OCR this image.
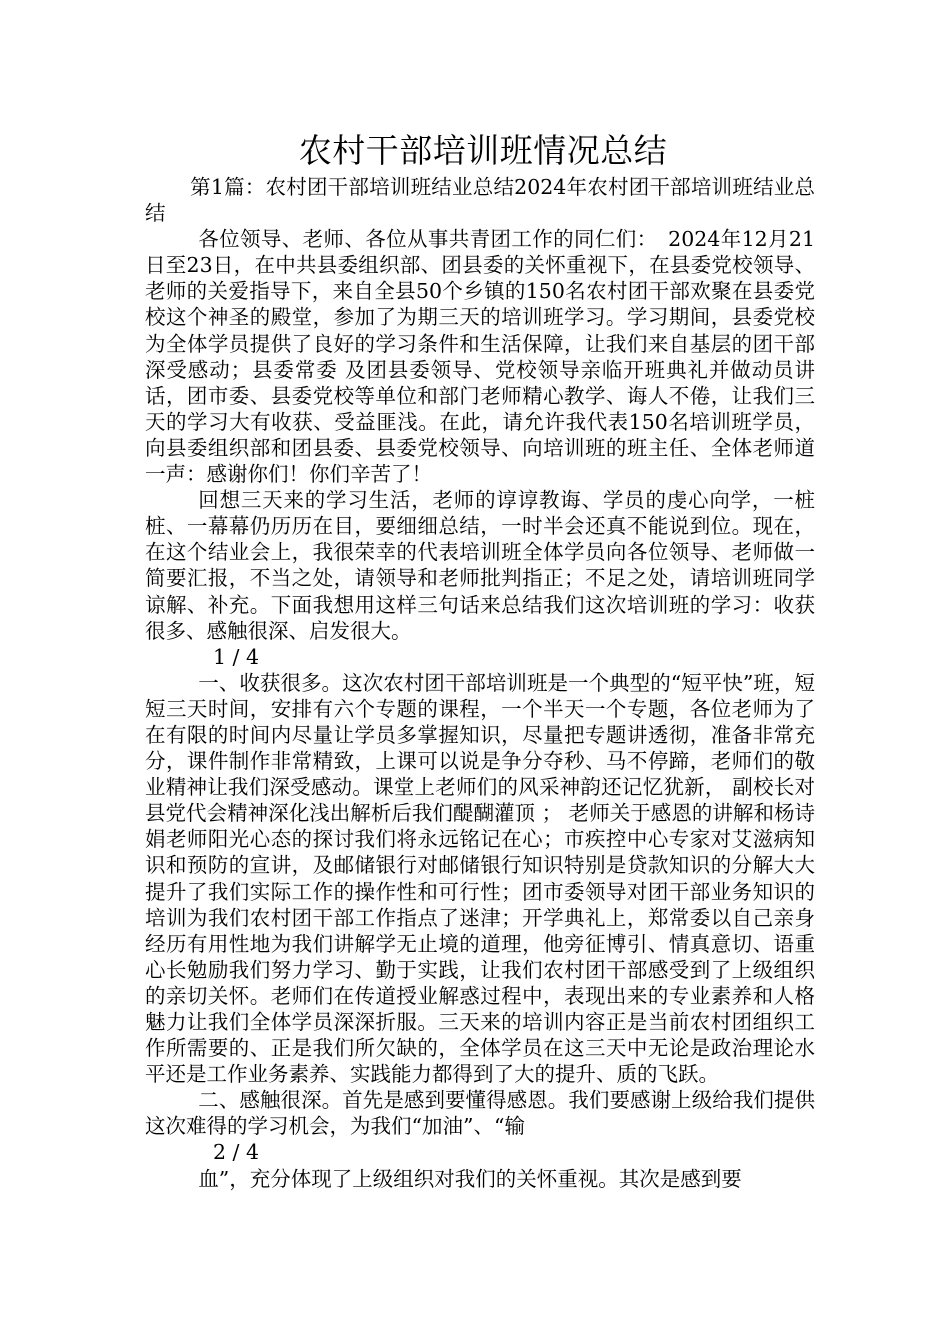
农村干部培训班情况总结

第1篇：农村团干部培训班结业总结2024年农村团干部培训班结业总结

各位领导、老师、各位从事共青团工作的同仁们：　2024年12月21日至23日，在中共县委组织部、团县委的关怀重视下，在县委党校领导、老师的关爱指导下，来自全县50个乡镇的150名农村团干部欢聚在县委党校这个神圣的殿堂，参加了为期三天的培训班学习。学习期间，县委党校为全体学员提供了良好的学习条件和生活保障，让我们来自基层的团干部深受感动；县委常委 及团县委领导、党校领导亲临开班典礼并做动员讲话，团市委、县委党校等单位和部门老师精心教学、诲人不倦，让我们三天的学习大有收获、受益匪浅。在此，请允许我代表150名培训班学员，向县委组织部和团县委、县委党校领导、向培训班的班主任、全体老师道一声：感谢你们！你们辛苦了！

回想三天来的学习生活，老师的谆谆教诲、学员的虔心向学，一桩桩、一幕幕仍历历在目，要细细总结，一时半会还真不能说到位。现在，在这个结业会上，我很荣幸的代表培训班全体学员向各位领导、老师做一简要汇报，不当之处，请领导和老师批判指正；不足之处，请培训班同学谅解、补充。下面我想用这样三句话来总结我们这次培训班的学习：收获很多、感触很深、启发很大。

1 / 4

一、收获很多。这次农村团干部培训班是一个典型的“短平快”班，短短三天时间，安排有六个专题的课程，一个半天一个专题，各位老师为了在有限的时间内尽量让学员多掌握知识，尽量把专题讲透彻，准备非常充分，课件制作非常精致，上课可以说是争分夺秒、马不停蹄，老师们的敬业精神让我们深受感动。课堂上老师们的风采神韵还记忆犹新， 副校长对县党代会精神深化浅出解析后我们醍醐灌顶 ； 老师关于感恩的讲解和杨诗娟老师阳光心态的探讨我们将永远铭记在心；市疾控中心专家对艾滋病知识和预防的宣讲，及邮储银行对邮储银行知识特别是贷款知识的分解大大提升了我们实际工作的操作性和可行性；团市委领导对团干部业务知识的培训为我们农村团干部工作指点了迷津；开学典礼上，郑常委以自己亲身经历有用性地为我们讲解学无止境的道理，他旁征博引、情真意切、语重心长勉励我们努力学习、勤于实践，让我们农村团干部感受到了上级组织的亲切关怀。老师们在传道授业解惑过程中，表现出来的专业素养和人格魅力让我们全体学员深深折服。三天来的培训内容正是当前农村团组织工作所需要的、正是我们所欠缺的，全体学员在这三天中无论是政治理论水平还是工作业务素养、实践能力都得到了大的提升、质的飞跃。

二、感触很深。首先是感到要懂得感恩。我们要感谢上级给我们提供这次难得的学习机会，为我们“加油”、“输

2 / 4

血”，充分体现了上级组织对我们的关怀重视。其次是感到要
